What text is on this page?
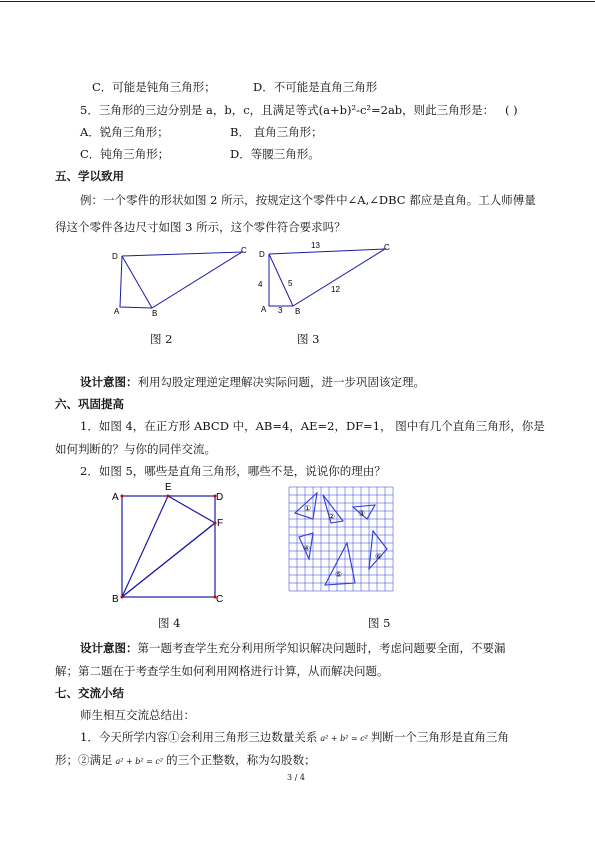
C．可能是钝角三角形；	D．不可能是直角三角形
5．三角形的三边分别是 a，b，c，且满足等式(a+b)²-c²=2ab，则此三角形是： ( )
A．锐角三角形；	B． 直角三角形；
C．钝角三角形；	D．等腰三角形。
五、学以致用
例：一个零件的形状如图 2 所示，按规定这个零件中∠A,∠DBC 都应是直角。工人师傅量
得这个零件各边尺寸如图 3 所示，这个零件符合要求吗？
D
A	B
C
图 2
D
A	B
C
13
5
12
4
3
图 3
设计意图：利用勾股定理逆定理解决实际问题，进一步巩固该定理。
六、巩固提高
1．如图 4，在正方形 ABCD 中，AB=4，AE=2，DF=1， 图中有几个直角三角形，你是
如何判断的？与你的同伴交流。
2．如图 5，哪些是直角三角形，哪些不是，说说你的理由？
A
E
D
F
B	C
图 4
①
②	③
④
⑤
⑥
图 5
设计意图：第一题考查学生充分利用所学知识解决问题时，考虑问题要全面，不要漏
解；第二题在于考查学生如何利用网格进行计算，从而解决问题。
七、交流小结
师生相互交流总结出：
1．今天所学内容①会利用三角形三边数量关系 a² + b² = c² 判断一个三角形是直角三角
形；②满足 a² + b² = c² 的三个正整数，称为勾股数；
3 / 4
